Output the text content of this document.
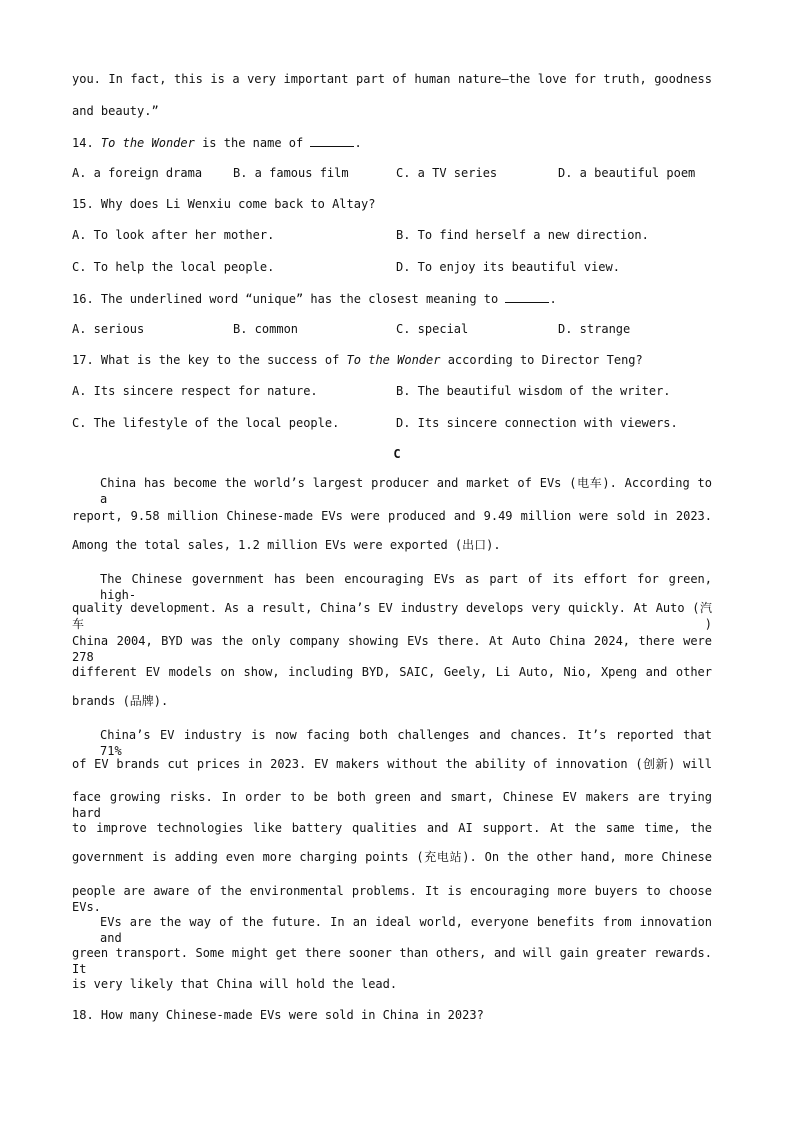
you. In fact, this is a very important part of human nature—the love for truth, goodness
and beauty.”
14. To the Wonder is the name of	.
A. a foreign drama	B. a famous film	C. a TV series	D. a beautiful poem
15. Why does Li Wenxiu come back to Altay?
A. To look after her mother.	B. To find herself a new direction.
C. To help the local people.	D. To enjoy its beautiful view.
16. The underlined word “unique” has the closest meaning to	.
A. serious	B. common	C. special	D. strange
17. What is the key to the success of To the Wonder according to Director Teng?
A. Its sincere respect for nature.	B. The beautiful wisdom of the writer.
C. The lifestyle of the local people.	D. Its sincere connection with viewers.
C
China has become the world’s largest producer and market of EVs (电车). According to a
report, 9.58 million Chinese-made EVs were produced and 9.49 million were sold in 2023.
Among the total sales, 1.2 million EVs were exported (出口).
The Chinese government has been encouraging EVs as part of its effort for green, high-
quality development. As a result, China’s EV industry develops very quickly. At Auto (汽车)
China 2004, BYD was the only company showing EVs there. At Auto China 2024, there were 278
different EV models on show, including BYD, SAIC, Geely, Li Auto, Nio, Xpeng and other
brands (品牌).
China’s EV industry is now facing both challenges and chances. It’s reported that 71%
of EV brands cut prices in 2023. EV makers without the ability of innovation (创新) will
face growing risks. In order to be both green and smart, Chinese EV makers are trying hard
to improve technologies like battery qualities and AI support. At the same time, the
government is adding even more charging points (充电站). On the other hand, more Chinese
people are aware of the environmental problems. It is encouraging more buyers to choose EVs.
EVs are the way of the future. In an ideal world, everyone benefits from innovation and
green transport. Some might get there sooner than others, and will gain greater rewards. It
is very likely that China will hold the lead.
18. How many Chinese-made EVs were sold in China in 2023?
